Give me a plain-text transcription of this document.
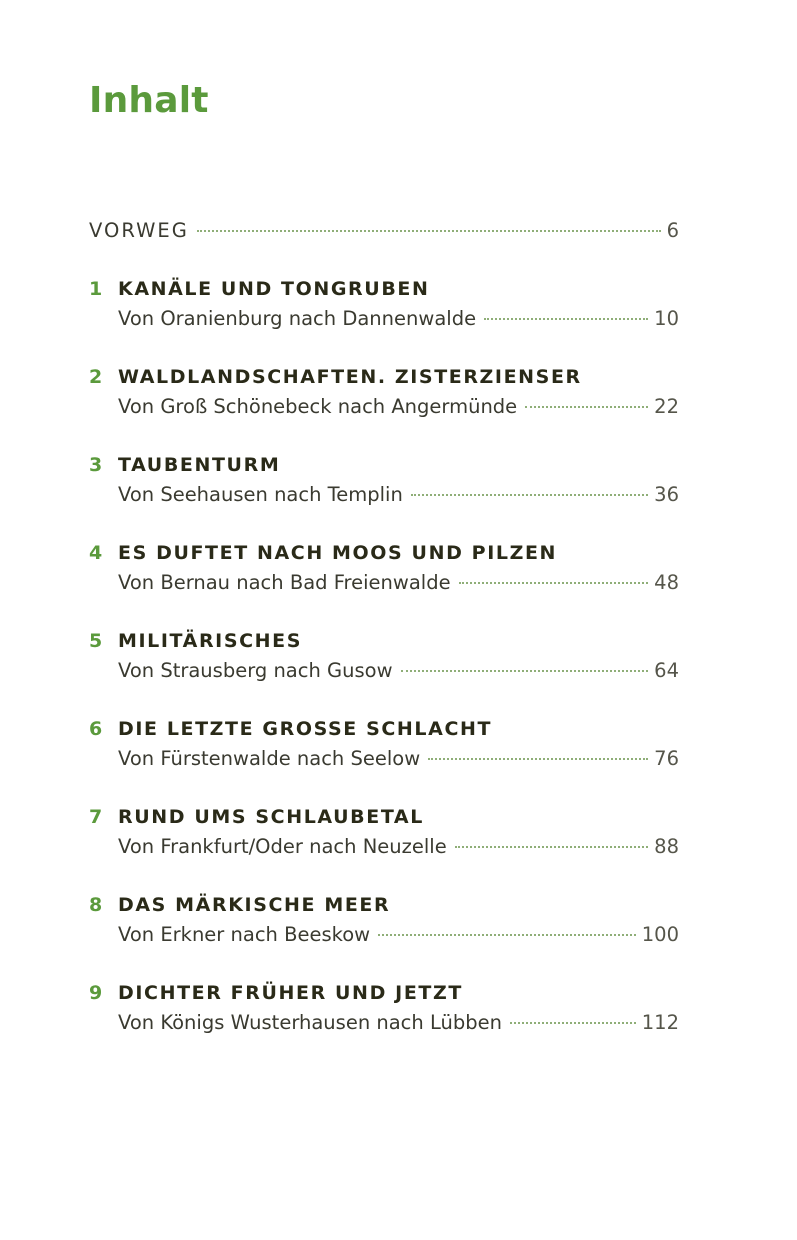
Inhalt
VORWEG	6
1 KANÄLE UND TONGRUBEN
Von Oranienburg nach Dannenwalde	10
2 WALDLANDSCHAFTEN. ZISTERZIENSER
Von Groß Schönebeck nach Angermünde	22
3 TAUBENTURM
Von Seehausen nach Templin	36
4 ES DUFTET NACH MOOS UND PILZEN
Von Bernau nach Bad Freienwalde	48
5 MILITÄRISCHES
Von Strausberg nach Gusow	64
6 DIE LETZTE GROSSE SCHLACHT
Von Fürstenwalde nach Seelow	76
7 RUND UMS SCHLAUBETAL
Von Frankfurt/Oder nach Neuzelle	88
8 DAS MÄRKISCHE MEER
Von Erkner nach Beeskow	100
9 DICHTER FRÜHER UND JETZT
Von Königs Wusterhausen nach Lübben	112
